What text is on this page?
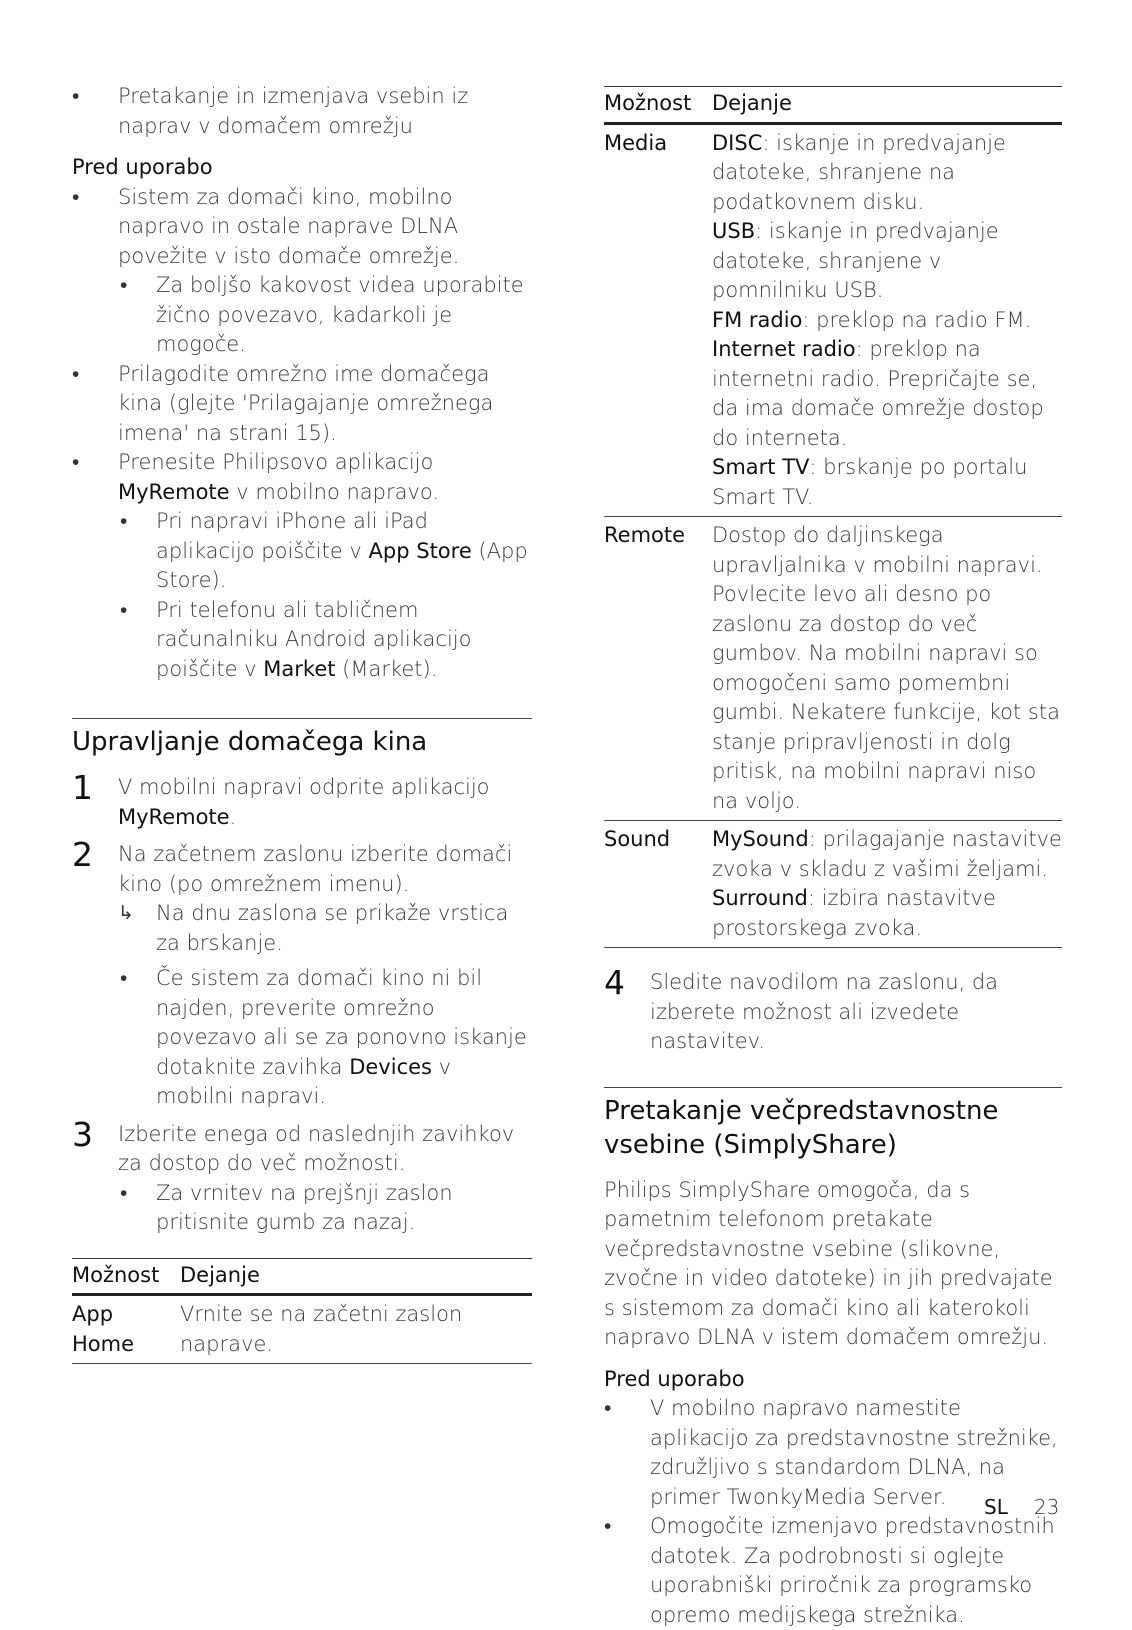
• Pretakanje in izmenjava vsebin iz naprav v domačem omrežju

Pred uporabo

• Sistem za domači kino, mobilno napravo in ostale naprave DLNA povežite v isto domače omrežje.

• Za boljšo kakovost videa uporabite žično povezavo, kadarkoli je mogoče.

• Prilagodite omrežno ime domačega kina (glejte 'Prilagajanje omrežnega imena' na strani 15).

• Prenesite Philipsovo aplikacijo MyRemote v mobilno napravo.

• Pri napravi iPhone ali iPad aplikacijo poiščite v App Store (App Store).

• Pri telefonu ali tabličnem računalniku Android aplikacijo poiščite v Market (Market).

Upravljanje domačega kina
1 V mobilni napravi odprite aplikacijo MyRemote.

2 Na začetnem zaslonu izberite domači kino (po omrežnem imenu).

↳ Na dnu zaslona se prikaže vrstica za brskanje.

• Če sistem za domači kino ni bil najden, preverite omrežno povezavo ali se za ponovno iskanje dotaknite zavihka Devices v mobilni napravi.

3 Izberite enega od naslednjih zavihkov za dostop do več možnosti.

• Za vrnitev na prejšnji zaslon pritisnite gumb za nazaj.

Možnost	Dejanje
App Home	Vrnite se na začetni zaslon naprave.
Možnost	Dejanje
Media	DISC: iskanje in predvajanje datoteke, shranjene na podatkovnem disku.
USB: iskanje in predvajanje datoteke, shranjene v pomnilniku USB.
FM radio: preklop na radio FM.
Internet radio: preklop na internetni radio. Prepričajte se, da ima domače omrežje dostop do interneta.
Smart TV: brskanje po portalu Smart TV.

Remote	Dostop do daljinskega upravljalnika v mobilni napravi. Povlecite levo ali desno po zaslonu za dostop do več gumbov. Na mobilni napravi so omogočeni samo pomembni gumbi. Nekatere funkcije, kot sta stanje pripravljenosti in dolg pritisk, na mobilni napravi niso na voljo.
Sound	MySound: prilagajanje nastavitve zvoka v skladu z vašimi željami.
Surround: izbira nastavitve prostorskega zvoka.
4 Sledite navodilom na zaslonu, da izberete možnost ali izvedete nastavitev.

Pretakanje večpredstavnostne vsebine (SimplyShare)

Philips SimplyShare omogoča, da s pametnim telefonom pretakate večpredstavnostne vsebine (slikovne, zvočne in video datoteke) in jih predvajate s sistemom za domači kino ali katerokoli napravo DLNA v istem domačem omrežju.

Pred uporabo

• V mobilno napravo namestite aplikacijo za predstavnostne strežnike, združljivo s standardom DLNA, na primer TwonkyMedia Server.

• Omogočite izmenjavo predstavnostnih datotek. Za podrobnosti si oglejte uporabniški priročnik za programsko opremo medijskega strežnika.

SL 23
